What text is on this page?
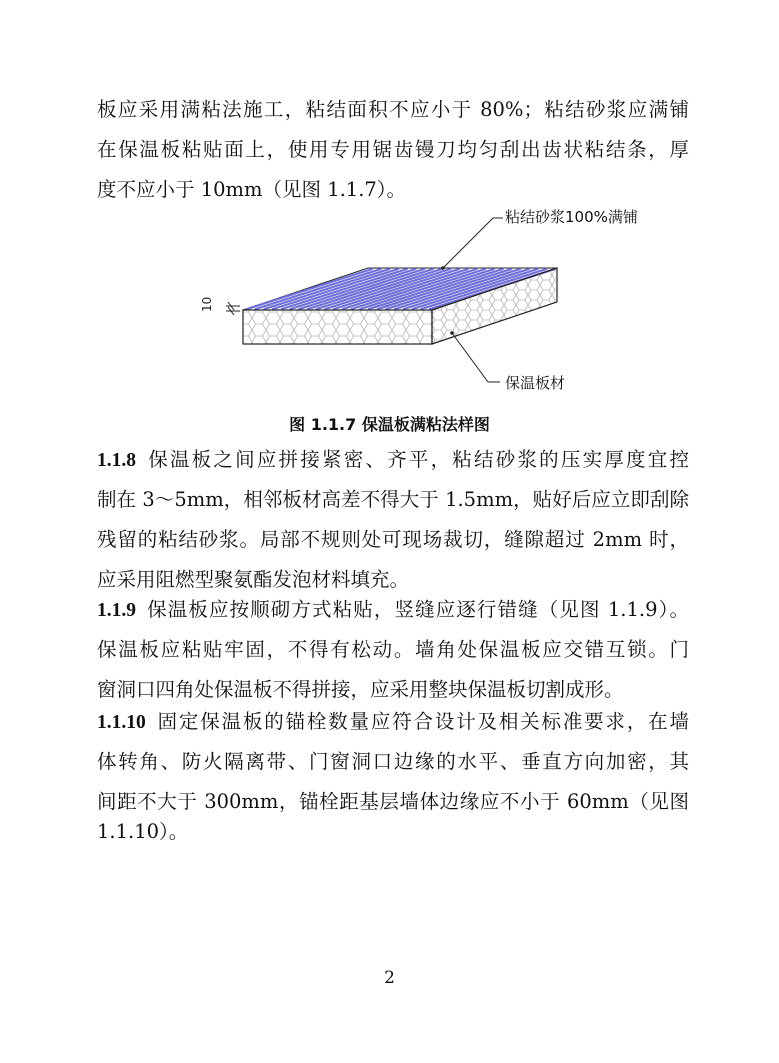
板应采用满粘法施工，粘结面积不应小于 80%；粘结砂浆应满铺
在保温板粘贴面上，使用专用锯齿镘刀均匀刮出齿状粘结条，厚
度不应小于 10mm（见图 1.1.7）。
10
粘结砂浆100%满铺
保温板材
图 1.1.7 保温板满粘法样图
1.1.8 保温板之间应拼接紧密、齐平，粘结砂浆的压实厚度宜控
制在 3～5mm，相邻板材高差不得大于 1.5mm，贴好后应立即刮除
残留的粘结砂浆。局部不规则处可现场裁切，缝隙超过 2mm 时，
应采用阻燃型聚氨酯发泡材料填充。
1.1.9 保温板应按顺砌方式粘贴，竖缝应逐行错缝（见图 1.1.9）。
保温板应粘贴牢固，不得有松动。墙角处保温板应交错互锁。门
窗洞口四角处保温板不得拼接，应采用整块保温板切割成形。
1.1.10 固定保温板的锚栓数量应符合设计及相关标准要求，在墙
体转角、防火隔离带、门窗洞口边缘的水平、垂直方向加密，其
间距不大于 300mm，锚栓距基层墙体边缘应不小于 60mm（见图
1.1.10）。
2
